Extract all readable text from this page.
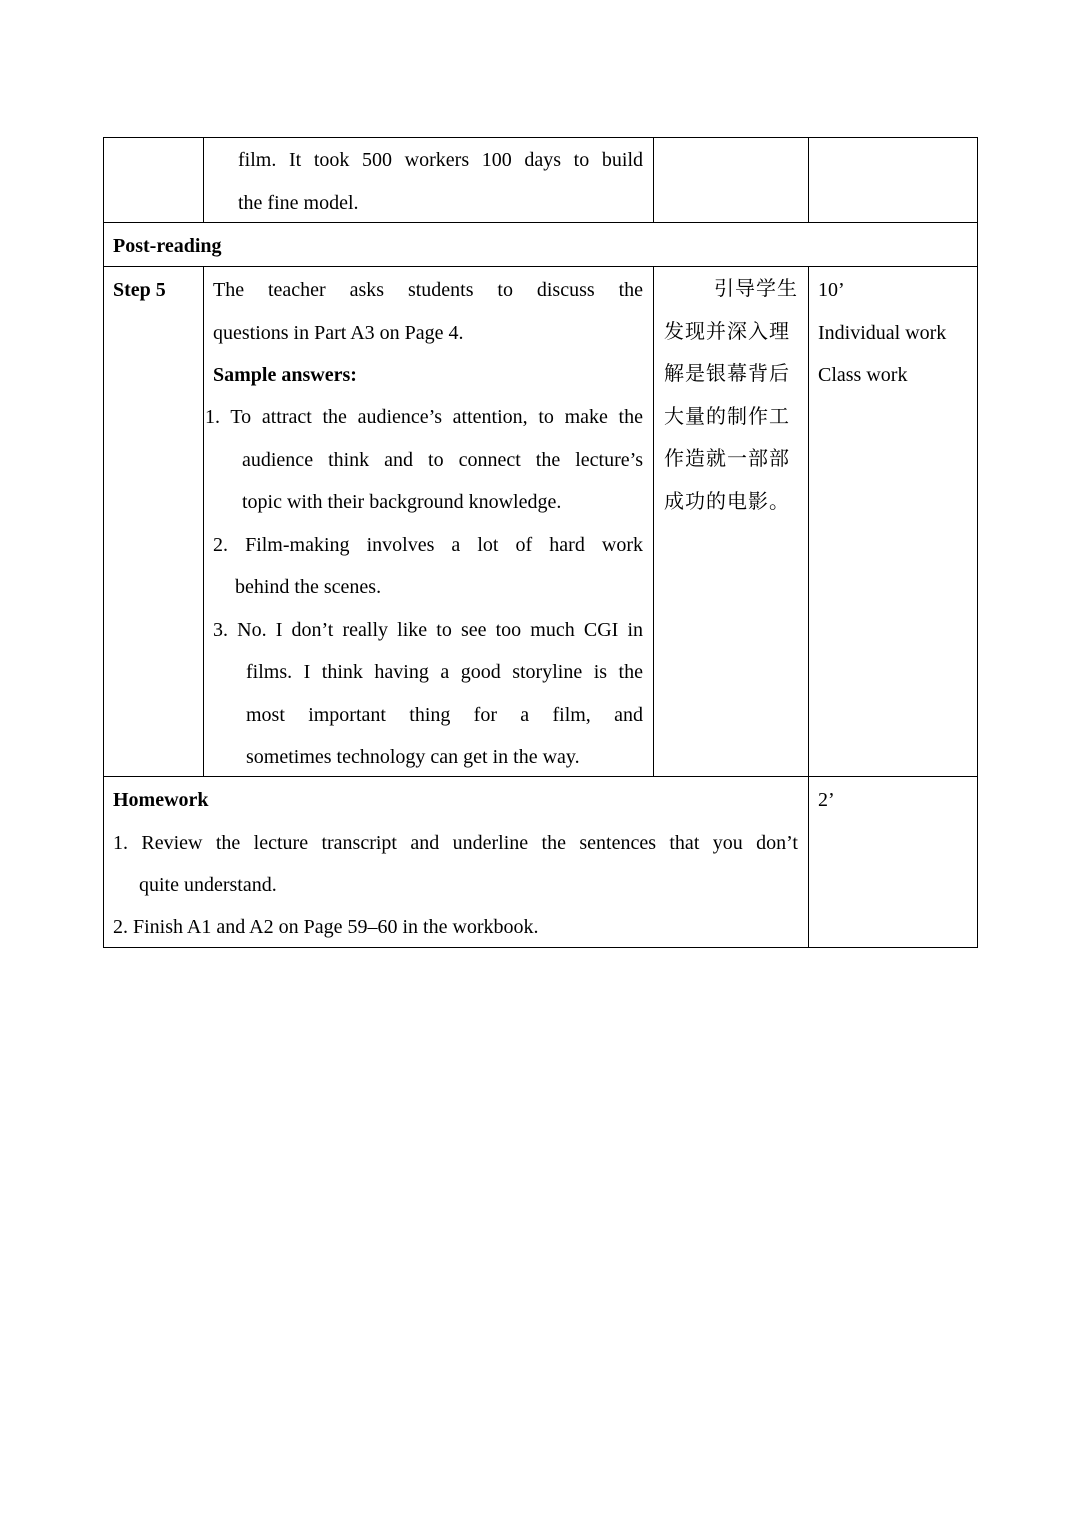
film. It took 500 workers 100 days to build
the fine model.
Post-reading
Step 5 The teacher asks students to discuss the
questions in Part A3 on Page 4.
Sample answers:
1. To attract the audience’s attention, to make the
audience think and to connect the lecture’s
topic with their background knowledge.
2. Film-making involves a lot of hard work
behind the scenes.
3. No. I don’t really like to see too much CGI in
films. I think having a good storyline is the
most important thing for a film, and
sometimes technology can get in the way.
引导学生
发现并深入理
解是银幕背后
大量的制作工
作造就一部部
成功的电影。
10’
Individual work
Class work
Homework
1. Review the lecture transcript and underline the sentences that you don’t
quite understand.
2. Finish A1 and A2 on Page 59–60 in the workbook.
2’
